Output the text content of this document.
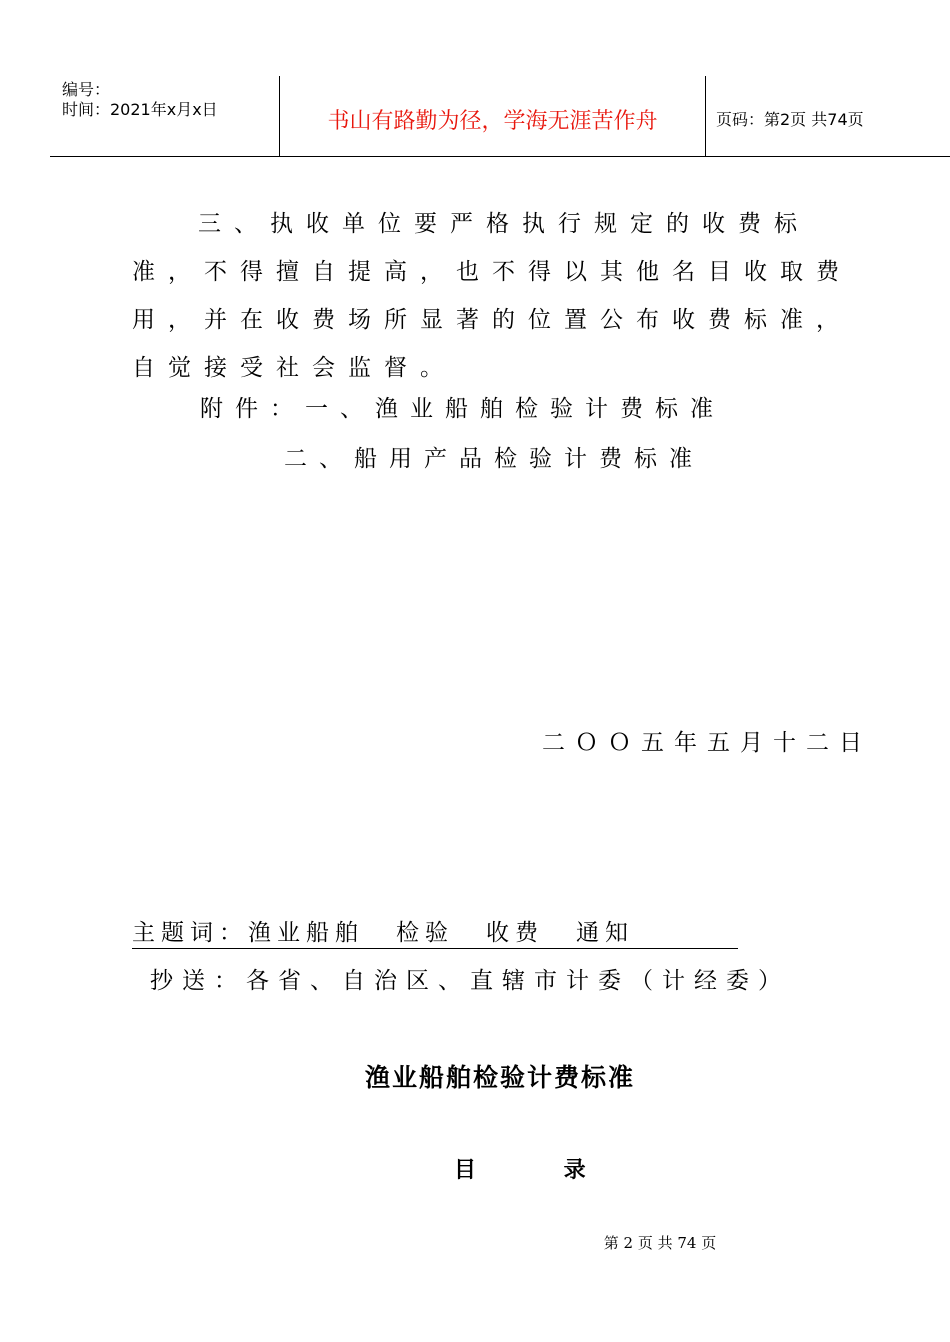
编号：
时间：2021年x月x日	书山有路勤为径，学海无涯苦作舟	页码：第2页 共74页

三、执收单位要严格执行规定的收费标准，不得擅自提高，也不得以其他名目收取费用，并在收费场所显著的位置公布收费标准，自觉接受社会监督。

附件：一、渔业船舶检验计费标准
二、船用产品检验计费标准
二ＯＯ五年五月十二日
主题词：渔业船舶 检验 收费 通知
抄送：各省、自治区、直辖市计委（计经委）
渔业船舶检验计费标准
目 录
第 2 页 共 74 页
